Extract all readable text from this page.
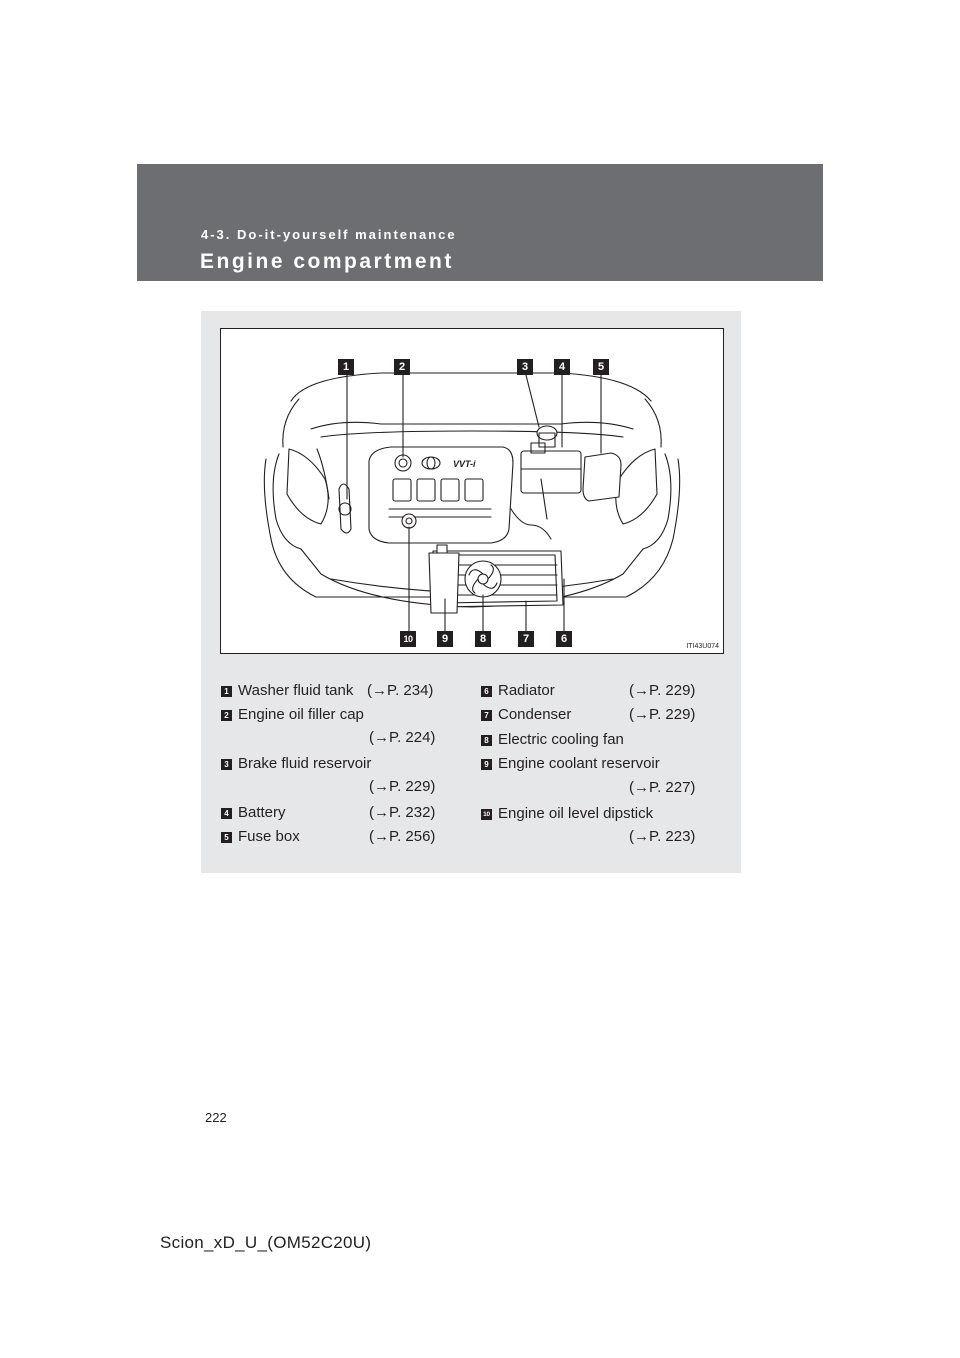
4-3. Do-it-yourself maintenance
Engine compartment
VVT-i
1	2	3	4	5
10	9	8	7	6
ITI43U074
1 Washer fluid tank (→P. 234)
2 Engine oil filler cap
(→P. 224)
3 Brake fluid reservoir
(→P. 229)
4 Battery	(→P. 232)
5 Fuse box	(→P. 256)
6 Radiator	(→P. 229)
7 Condenser	(→P. 229)
8 Electric cooling fan
9 Engine coolant reservoir
(→P. 227)
10 Engine oil level dipstick
(→P. 223)
222
Scion_xD_U_(OM52C20U)
